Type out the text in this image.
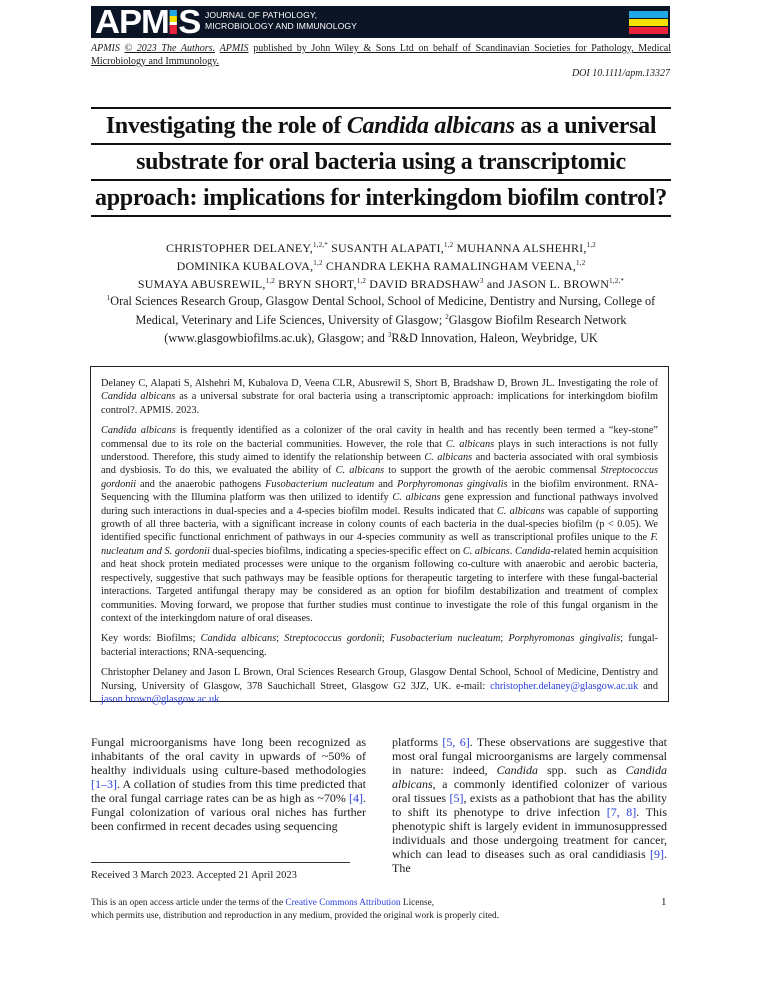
APM S JOURNAL OF PATHOLOGY,
MICROBIOLOGY AND IMMUNOLOGY
APMIS © 2023 The Authors. APMIS published by John Wiley & Sons Ltd on behalf of Scandinavian Societies for Pathology, Medical Microbiology and Immunology.
DOI 10.1111/apm.13327
Investigating the role of
Candida albicans
as a universal
substrate for oral bacteria using a transcriptomic
approach: implications for interkingdom biofilm control?
CHRISTOPHER DELANEY,$^{1,2,*}$ SUSANTH ALAPATI,$^{1,2}$ MUHANNA ALSHEHRI,$^{1,2}$
DOMINIKA KUBALOVA,$^{1,2}$ CHANDRA LEKHA RAMALINGHAM VEENA,$^{1,2}$
SUMAYA ABUSREWIL,$^{1,2}$ BRYN SHORT,$^{1,2}$ DAVID BRADSHAW$^3$ and JASON L. $BROWN^{1,2,*}$
$^1$Oral Sciences Research Group, Glasgow Dental School, School of Medicine, Dentistry and Nursing, College of Medical, Veterinary and Life Sciences, University of Glasgow; $^2$Glasgow Biofilm Research Network (www.glasgowbiofilms.ac.uk), Glasgow; and $^3$R&D Innovation, Haleon, Weybridge, UK

Delaney C, Alapati S, Alshehri M, Kubalova D, Veena CLR, Abusrewil S, Short B, Bradshaw D, Brown JL. Investigating the role of Candida albicans as a universal substrate for oral bacteria using a transcriptomic approach: implications for interkingdom biofilm control?. APMIS. 2023.

Candida albicans is frequently identified as a colonizer of the oral cavity in health and has recently been termed a “key-stone” commensal due to its role on the bacterial communities. However, the role that C. albicans plays in such interactions is not fully understood. Therefore, this study aimed to identify the relationship between C. albicans and bacteria associated with oral symbiosis and dysbiosis. To do this, we evaluated the ability of C. albicans to support the growth of the aerobic commensal Streptococcus gordonii and the anaerobic pathogens Fusobacterium nucleatum and Porphyromonas gingivalis in the biofilm environment. RNA-Sequencing with the Illumina platform was then utilized to identify C. albicans gene expression and functional pathways involved during such interactions in dual-species and a 4-species biofilm model. Results indicated that C. albicans was capable of supporting growth of all three bacteria, with a significant increase in colony counts of each bacteria in the dual-species biofilm (p < 0.05). We identified specific functional enrichment of pathways in our 4-species community as well as transcriptional profiles unique to the F. nucleatum and S. gordonii dual-species biofilms, indicating a species-specific effect on C. albicans. Candida-related hemin acquisition and heat shock protein mediated processes were unique to the organism following co-culture with anaerobic and aerobic bacteria, respectively, suggestive that such pathways may be feasible options for therapeutic targeting to interfere with these fungal-bacterial interactions. Targeted antifungal therapy may be considered as an option for biofilm destabilization and treatment of complex communities. Moving forward, we propose that further studies must continue to investigate the role of this fungal organism in the context of the interkingdom nature of oral diseases.

Key words: Biofilms; Candida albicans; Streptococcus gordonii; Fusobacterium nucleatum; Porphyromonas gingivalis; fungal-bacterial interactions; RNA-sequencing.

Christopher Delaney and Jason L Brown, Oral Sciences Research Group, Glasgow Dental School, School of Medicine, Dentistry and Nursing, University of Glasgow, 378 Sauchichall Street, Glasgow G2 3JZ, UK. e-mail: christopher.delaney@glasgow.ac.uk and jason.brown@glasgow.ac.uk

Fungal microorganisms have long been recognized as inhabitants of the oral cavity in upwards of ~50% of healthy individuals using culture-based methodologies [1–3]. A collation of studies from this time predicted that the oral fungal carriage rates can be as high as ~70% [4]. Fungal colonization of various oral niches has further been confirmed in recent decades using sequencing
platforms [5, 6]. These observations are suggestive that most oral fungal microorganisms are largely commensal in nature: indeed, Candida spp. such as Candida albicans, a commonly identified colonizer of various oral tissues [5], exists as a pathobiont that has the ability to shift its phenotype to drive infection [7, 8]. This phenotypic shift is largely evident in immunosuppressed individuals and those undergoing treatment for cancer, which can lead to diseases such as oral candidiasis [9]. The
Received 3 March 2023. Accepted 21 April 2023
This is an open access article under the terms of the Creative Commons Attribution License,
which permits use, distribution and reproduction in any medium, provided the original work is properly cited.
1
